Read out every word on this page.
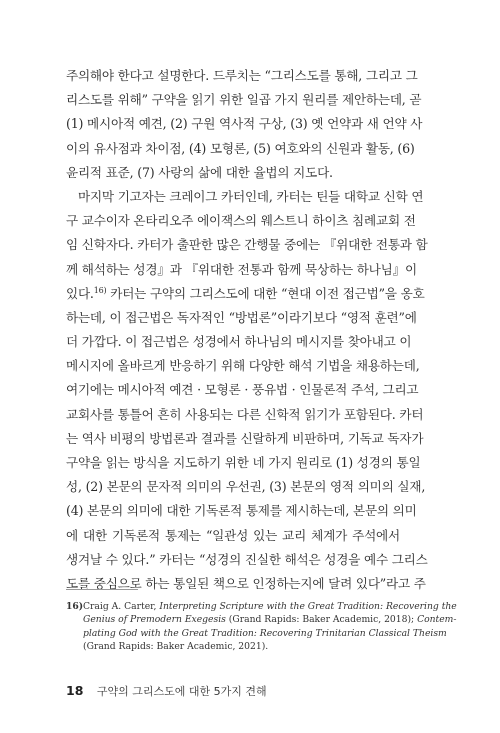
주의해야 한다고 설명한다. 드루치는 “그리스도를 통해, 그리고 그
리스도를 위해” 구약을 읽기 위한 일곱 가지 원리를 제안하는데, 곧
(1) 메시아적 예견, (2) 구원 역사적 구상, (3) 옛 언약과 새 언약 사
이의 유사점과 차이점, (4) 모형론, (5) 여호와의 신원과 활동, (6)
윤리적 표준, (7) 사랑의 삶에 대한 율법의 지도다.
마지막 기고자는 크레이그 카터인데, 카터는 틴들 대학교 신학 연
구 교수이자 온타리오주 에이잭스의 웨스트니 하이츠 침례교회 전
임 신학자다. 카터가 출판한 많은 간행물 중에는 『위대한 전통과 함
께 해석하는 성경』과 『위대한 전통과 함께 묵상하는 하나님』이
있다.$^{16)}$ 카터는 구약의 그리스도에 대한 “현대 이전 접근법”을 옹호
하는데, 이 접근법은 독자적인 “방법론”이라기보다 “영적 훈련”에
더 가깝다. 이 접근법은 성경에서 하나님의 메시지를 찾아내고 이
메시지에 올바르게 반응하기 위해 다양한 해석 기법을 채용하는데,
여기에는 메시아적 예견 · 모형론 · 풍유법 · 인물론적 주석, 그리고
교회사를 통틀어 흔히 사용되는 다른 신학적 읽기가 포함된다. 카터
는 역사 비평의 방법론과 결과를 신랄하게 비판하며, 기독교 독자가
구약을 읽는 방식을 지도하기 위한 네 가지 원리로 (1) 성경의 통일
성, (2) 본문의 문자적 의미의 우선권, (3) 본문의 영적 의미의 실재,
(4) 본문의 의미에 대한 기독론적 통제를 제시하는데, 본문의 의미
에 대한 기독론적 통제는 “일관성 있는 교리 체계가 주석에서
생겨날 수 있다.” 카터는 “성경의 진실한 해석은 성경을 예수 그리스
도를 중심으로 하는 통일된 책으로 인정하는지에 달려 있다”라고 주
16)Craig A. Carter, Interpreting Scripture with the Great Tradition: Recovering the
Genius of Premodern Exegesis (Grand Rapids: Baker Academic, 2018); Contem-
plating God with the Great Tradition: Recovering Trinitarian Classical Theism
(Grand Rapids: Baker Academic, 2021).
18 구약의 그리스도에 대한 5가지 견해
